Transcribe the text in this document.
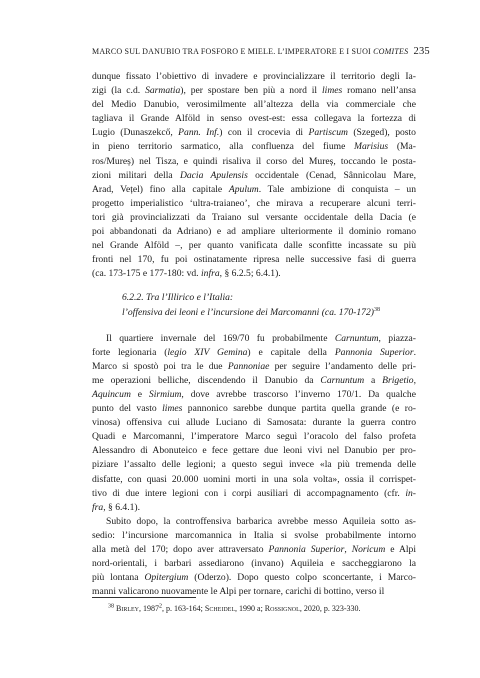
MARCO SUL DANUBIO TRA FOSFORO E MIELE. L’IMPERATORE E I SUOI COMITES 235
dunque fissato l’obiettivo di invadere e provincializzare il territorio degli Ia-
zigi (la c.d. Sarmatia), per spostare ben più a nord il limes romano nell’ansa
del Medio Danubio, verosimilmente all’altezza della via commerciale che
tagliava il Grande Alföld in senso ovest-est: essa collegava la fortezza di
Lugio (Dunaszekcő, Pann. Inf.) con il crocevia di Partiscum (Szeged), posto
in pieno territorio sarmatico, alla confluenza del fiume Marisius (Ma-
ros/Mureș) nel Tisza, e quindi risaliva il corso del Mureș, toccando le posta-
zioni militari della Dacia Apulensis occidentale (Cenad, Sânnicolau Mare,
Arad, Vețel) fino alla capitale Apulum. Tale ambizione di conquista – un
progetto imperialistico ‘ultra-traianeo’, che mirava a recuperare alcuni terri-
tori già provincializzati da Traiano sul versante occidentale della Dacia (e
poi abbandonati da Adriano) e ad ampliare ulteriormente il dominio romano
nel Grande Alföld –, per quanto vanificata dalle sconfitte incassate su più
fronti nel 170, fu poi ostinatamente ripresa nelle successive fasi di guerra
(ca. 173-175 e 177-180: vd. infra, § 6.2.5; 6.4.1).
6.2.2. Tra l’Illirico e l’Italia:
l’offensiva dei leoni e l’incursione dei Marcomanni (ca. 170-172)$^{38}$
Il quartiere invernale del 169/70 fu probabilmente Carnuntum, piazza-
forte legionaria (legio XIV Gemina) e capitale della Pannonia Superior.
Marco si spostò poi tra le due Pannoniae per seguire l’andamento delle pri-
me operazioni belliche, discendendo il Danubio da Carnuntum a Brigetio,
Aquincum e Sirmium, dove avrebbe trascorso l’inverno 170/1. Da qualche
punto del vasto limes pannonico sarebbe dunque partita quella grande (e ro-
vinosa) offensiva cui allude Luciano di Samosata: durante la guerra contro
Quadi e Marcomanni, l’imperatore Marco seguì l’oracolo del falso profeta
Alessandro di Abonuteico e fece gettare due leoni vivi nel Danubio per pro-
piziare l’assalto delle legioni; a questo seguì invece «la più tremenda delle
disfatte, con quasi 20.000 uomini morti in una sola volta», ossia il corrispet-
tivo di due intere legioni con i corpi ausiliari di accompagnamento (cfr. in-
fra, § 6.4.1).
Subito dopo, la controffensiva barbarica avrebbe messo Aquileia sotto as-
sedio: l’incursione marcomannica in Italia si svolse probabilmente intorno
alla metà del 170; dopo aver attraversato Pannonia Superior, Noricum e Alpi
nord-orientali, i barbari assediarono (invano) Aquileia e saccheggiarono la
più lontana Opitergium (Oderzo). Dopo questo colpo sconcertante, i Marco-
manni valicarono nuovamente le Alpi per tornare, carichi di bottino, verso il
$^{38}$ Birley, 1987$^2$, p. 163-164; Scheidel, 1990 a; Rossignol, 2020, p. 323-330.
